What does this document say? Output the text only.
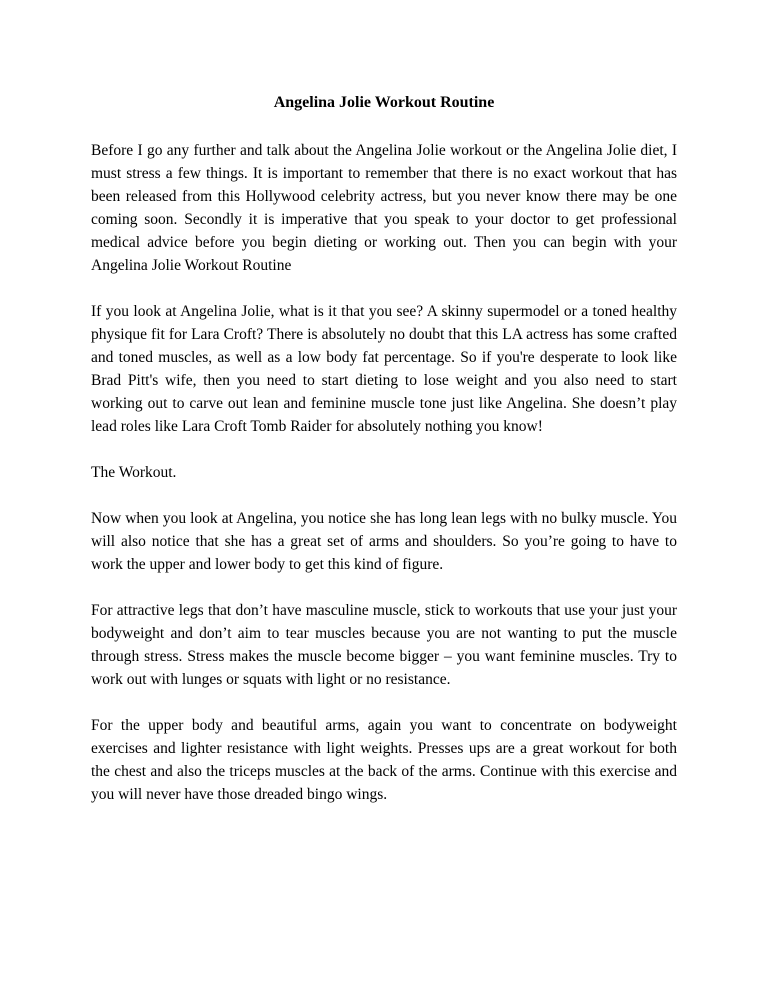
Angelina Jolie Workout Routine

Before I go any further and talk about the Angelina Jolie workout or the Angelina Jolie diet, I must stress a few things. It is important to remember that there is no exact workout that has been released from this Hollywood celebrity actress, but you never know there may be one coming soon. Secondly it is imperative that you speak to your doctor to get professional medical advice before you begin dieting or working out. Then you can begin with your Angelina Jolie Workout Routine

If you look at Angelina Jolie, what is it that you see? A skinny supermodel or a toned healthy physique fit for Lara Croft? There is absolutely no doubt that this LA actress has some crafted and toned muscles, as well as a low body fat percentage. So if you're desperate to look like Brad Pitt's wife, then you need to start dieting to lose weight and you also need to start working out to carve out lean and feminine muscle tone just like Angelina. She doesn’t play lead roles like Lara Croft Tomb Raider for absolutely nothing you know!

The Workout.

Now when you look at Angelina, you notice she has long lean legs with no bulky muscle. You will also notice that she has a great set of arms and shoulders. So you’re going to have to work the upper and lower body to get this kind of figure.

For attractive legs that don’t have masculine muscle, stick to workouts that use your just your bodyweight and don’t aim to tear muscles because you are not wanting to put the muscle through stress. Stress makes the muscle become bigger – you want feminine muscles. Try to work out with lunges or squats with light or no resistance.

For the upper body and beautiful arms, again you want to concentrate on bodyweight exercises and lighter resistance with light weights. Presses ups are a great workout for both the chest and also the triceps muscles at the back of the arms. Continue with this exercise and you will never have those dreaded bingo wings.
